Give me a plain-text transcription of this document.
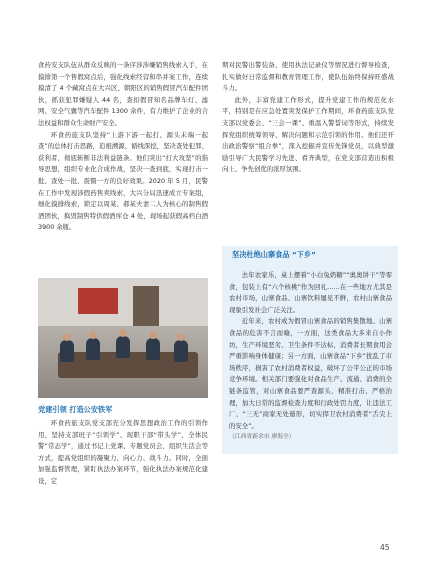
食药安支队伍从群众反映的一条序涉涉嫌销售线索入手，在摸排第一个售假窝点后，强化线索经营和串并案工作，连续摸清了 4 个藏窝点在大兴区、朝阳区的销售假冒汽车配件团伙，抓获犯罪嫌疑人 44 名，查扣假冒知名品牌车灯、滤网、安全气囊等汽车配件 1300 余件，有力维护了企业的合法权益和群众生命财产安全。

环食药旅支队坚持“上游下游一起打、源头末端一起查”的总体打击思路，追根溯源、循线深挖，坚决查处犯罪、获利者，彻底斩断非法利益链条。他们突出“打大攻坚”的指导思想，组织专业化合成作战，坚决一查到底，实现打击一批、查处一批、震慑一方的良好效果。2020 年 5 月，民警在工作中发现涉假药售卖线索，大兴分局迅速成立专案组，细化摸排线索，锁定以周某、郝某夫妻二人为核心的制售假酒团伙，捣毁制售特供假酒库仓 4 处，现场起获假高档白酒 3900 余瓶。

党建引领 打造公安铁军

环食药旅支队党支部充分发挥思想政治工作的引领作用，坚持支部班子“引领学”、现职干部“带头学”、全体民警“常态学”，通过书记上党课、专题党员会、组织生活会等方式，提高党组织的凝聚力、向心力、战斗力。同时，全面加强监督管理，紧盯执法办案环节，强化执法办案规范化建设，定

期对民警出警装备、使用执法记录仪等情况进行督导检查，扎实做好日常监督和教育管理工作，使队伍始终保持旺盛战斗力。

此外，丰富党建工作形式，提升党建工作的规范化水平，特别是在应急处置突发保护工作期间，环食药旅支队党支部以党委会、“三会一课”、重温入警誓词等形式，持续发挥党组织统筹领导、解决问题和示范引领的作用。他们还开出政治警察“组合拳”，深入挖掘并宣传先锋党员，以典型激励引导广大民警学习先进、看齐典型，在党支部营造出积极向上、争先创优的浓厚氛围。

坚决杜绝山寨食品 “下乡”

去年农家乐，桌上摆着“小白兔奶糖”“奥奥饼干”等零食，包装上有“六个核桃”作为回礼……在一些地方尤其是农村市场，山寨食品、山寨饮料屡见不鲜，农村山寨食品现象引发社会广泛关注。

近年来，农村成为假冒山寨食品的销售集散地。山寨食品的危害不言而喻，一方面，这类食品大多来自小作坊，生产环境恶劣、卫生条件不达标，消费者长期食用会严重影响身体健康；另一方面，山寨食品“下乡”扰乱了市场秩序，损害了农村消费者权益，破坏了公平公正的市场竞争环境。相关部门要强化对食品生产、流通、消费的全链条监管，对山寨食品要严查源头、精准打击、严格治理，加大日常的监督检查力度和行政处罚力度，让违法工厂、“三无”商家无处遁形，切实捍卫农村消费者“舌尖上的安全”。

（江西省新余市 廖海全）

45
